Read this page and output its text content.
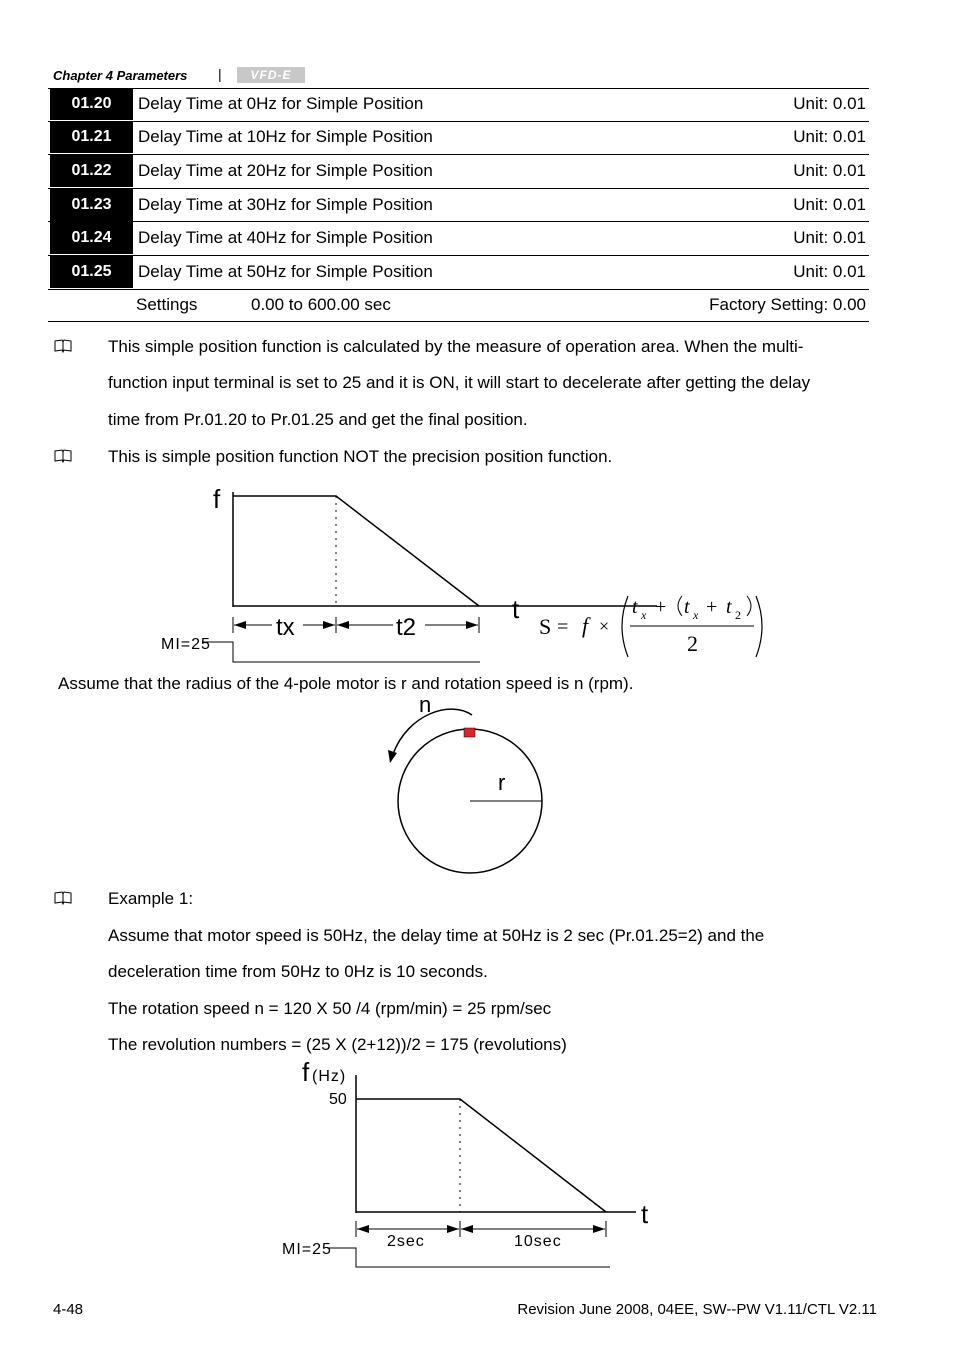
Chapter 4 Parameters |	VFD-E
01.20	Delay Time at 0Hz for Simple Position	Unit: 0.01
01.21	Delay Time at 10Hz for Simple Position	Unit: 0.01
01.22	Delay Time at 20Hz for Simple Position	Unit: 0.01
01.23	Delay Time at 30Hz for Simple Position	Unit: 0.01
01.24	Delay Time at 40Hz for Simple Position	Unit: 0.01
01.25	Delay Time at 50Hz for Simple Position	Unit: 0.01
Settings	0.00 to 600.00 sec	Factory Setting: 0.00
This simple position function is calculated by the measure of operation area. When the multi-
function input terminal is set to 25 and it is ON, it will start to decelerate after getting the delay
time from Pr.01.20 to Pr.01.25 and get the final position.
This is simple position function NOT the precision position function.
f
t
tx	t2
MI=25
S = f ×
t x + t x + t 2
2
Assume that the radius of the 4-pole motor is r and rotation speed is n (rpm).
n
r
Example 1:
Assume that motor speed is 50Hz, the delay time at 50Hz is 2 sec (Pr.01.25=2) and the
deceleration time from 50Hz to 0Hz is 10 seconds.
The rotation speed n = 120 X 50 /4 (rpm/min) = 25 rpm/sec
The revolution numbers = (25 X (2+12))/2 = 175 (revolutions)
f (Hz)
50
t
2sec	10sec
MI=25
4-48	Revision June 2008, 04EE, SW--PW V1.11/CTL V2.11
